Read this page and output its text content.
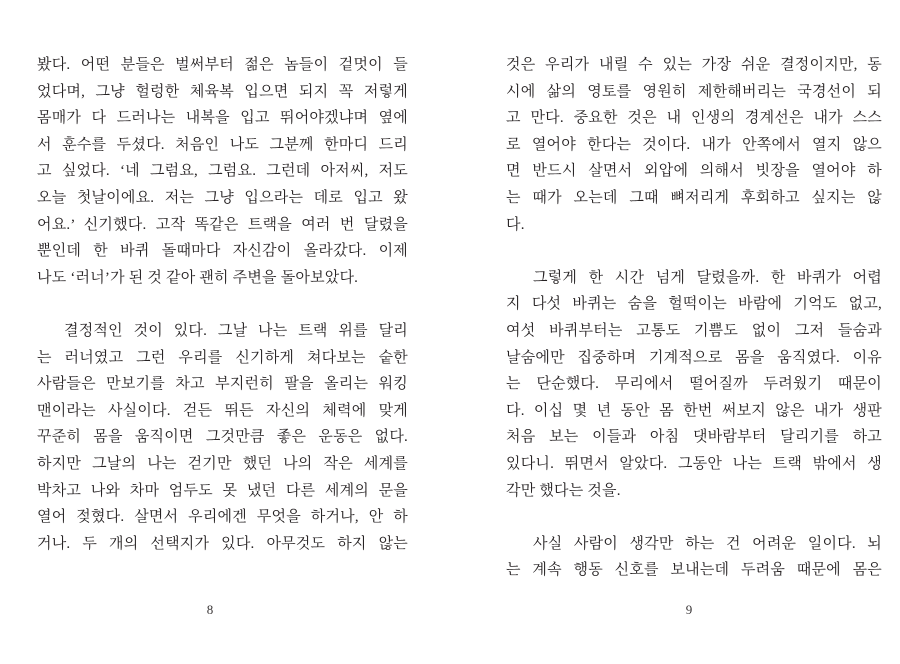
봤다. 어떤 분들은 벌써부터 젊은 놈들이 겉멋이 들
었다며, 그냥 헐렁한 체육복 입으면 되지 꼭 저렇게
몸매가 다 드러나는 내복을 입고 뛰어야겠냐며 옆에
서 훈수를 두셨다. 처음인 나도 그분께 한마디 드리
고 싶었다. ‘네 그럼요, 그럼요. 그런데 아저씨, 저도
오늘 첫날이에요. 저는 그냥 입으라는 데로 입고 왔
어요.’ 신기했다. 고작 똑같은 트랙을 여러 번 달렸을
뿐인데 한 바퀴 돌때마다 자신감이 올라갔다. 이제
나도 ‘러너’가 된 것 같아 괜히 주변을 돌아보았다.
결정적인 것이 있다. 그날 나는 트랙 위를 달리
는 러너였고 그런 우리를 신기하게 쳐다보는 숱한
사람들은 만보기를 차고 부지런히 팔을 올리는 워킹
맨이라는 사실이다. 걷든 뛰든 자신의 체력에 맞게
꾸준히 몸을 움직이면 그것만큼 좋은 운동은 없다.
하지만 그날의 나는 걷기만 했던 나의 작은 세계를
박차고 나와 차마 엄두도 못 냈던 다른 세계의 문을
열어 젖혔다. 살면서 우리에겐 무엇을 하거나, 안 하
거나. 두 개의 선택지가 있다. 아무것도 하지 않는
것은 우리가 내릴 수 있는 가장 쉬운 결정이지만, 동
시에 삶의 영토를 영원히 제한해버리는 국경선이 되
고 만다. 중요한 것은 내 인생의 경계선은 내가 스스
로 열어야 한다는 것이다. 내가 안쪽에서 열지 않으
면 반드시 살면서 외압에 의해서 빗장을 열어야 하
는 때가 오는데 그때 뼈저리게 후회하고 싶지는 않
다.
그렇게 한 시간 넘게 달렸을까. 한 바퀴가 어렵
지 다섯 바퀴는 숨을 헐떡이는 바람에 기억도 없고,
여섯 바퀴부터는 고통도 기쁨도 없이 그저 들숨과
날숨에만 집중하며 기계적으로 몸을 움직였다. 이유
는 단순했다. 무리에서 떨어질까 두려웠기 때문이
다. 이십 몇 년 동안 몸 한번 써보지 않은 내가 생판
처음 보는 이들과 아침 댓바람부터 달리기를 하고
있다니. 뛰면서 알았다. 그동안 나는 트랙 밖에서 생
각만 했다는 것을.
사실 사람이 생각만 하는 건 어려운 일이다. 뇌
는 계속 행동 신호를 보내는데 두려움 때문에 몸은
8	9
